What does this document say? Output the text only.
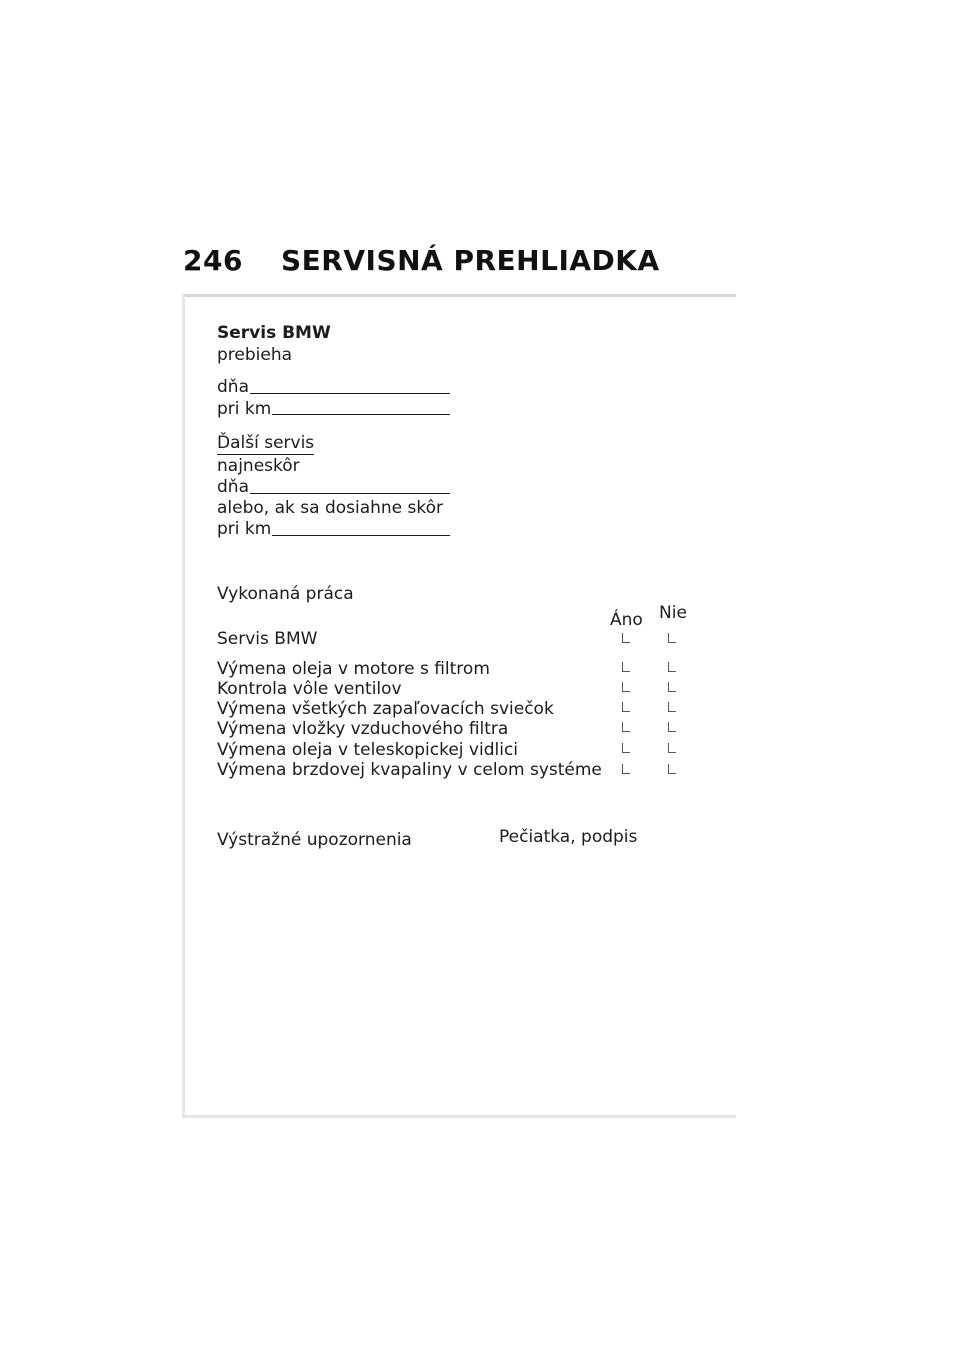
246 SERVISNÁ PREHLIADKA
Servis BMW
prebieha
dňa
pri km
Ďalší servis
najneskôr
dňa
alebo, ak sa dosiahne skôr
pri km
Vykonaná práca
Áno Nie
Servis BMW
Výmena oleja v motore s filtrom
Kontrola vôle ventilov
Výmena všetkých zapaľovacích sviečok
Výmena vložky vzduchového filtra
Výmena oleja v teleskopickej vidlici
Výmena brzdovej kvapaliny v celom systéme
Výstražné upozornenia	Pečiatka, podpis
